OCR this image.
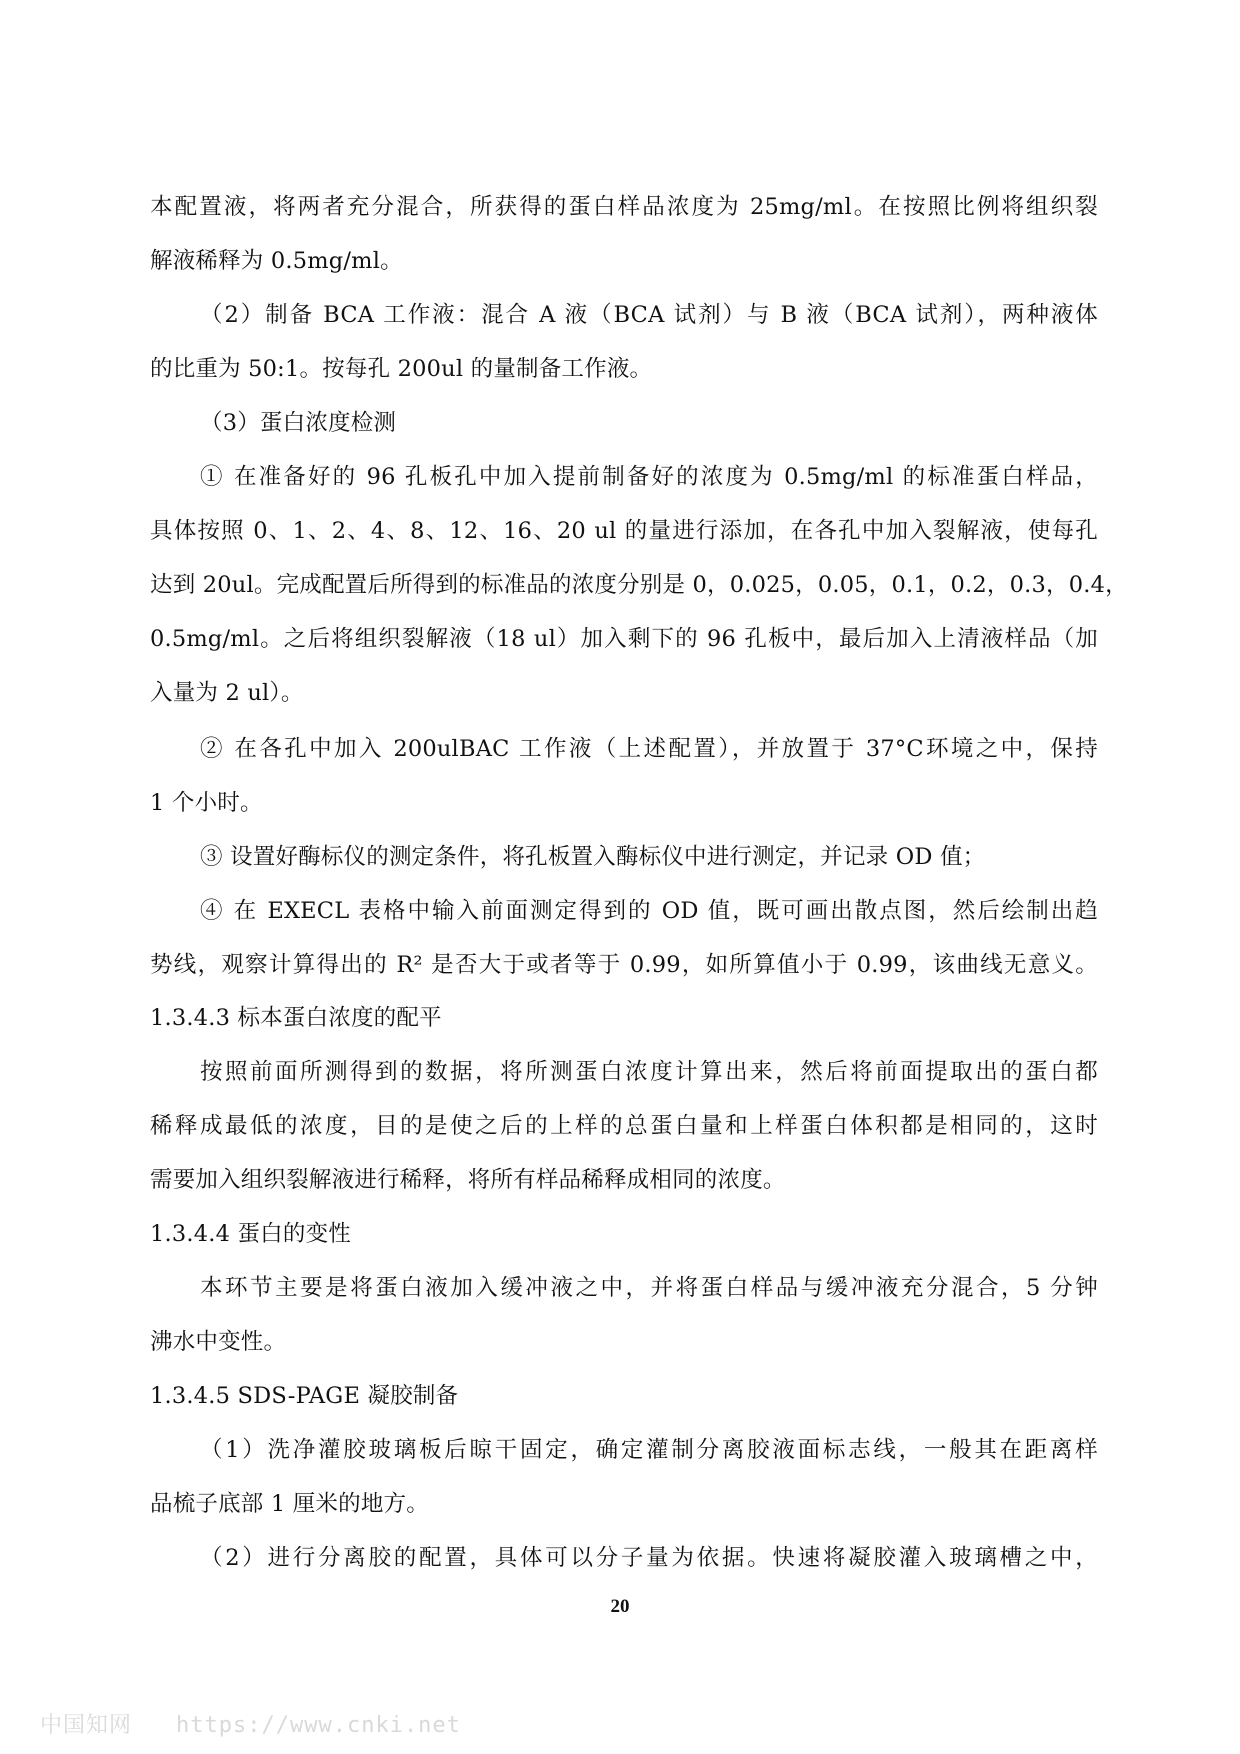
本配置液，将两者充分混合，所获得的蛋白样品浓度为 25mg/ml。在按照比例将组织裂
解液稀释为 0.5mg/ml。
（2）制备 BCA 工作液：混合 A 液（BCA 试剂）与 B 液（BCA 试剂），两种液体
的比重为 50:1。按每孔 200ul 的量制备工作液。
（3）蛋白浓度检测
① 在准备好的 96 孔板孔中加入提前制备好的浓度为 0.5mg/ml 的标准蛋白样品，
具体按照 0、1、2、4、8、12、16、20 ul 的量进行添加，在各孔中加入裂解液，使每孔
达到 20ul。完成配置后所得到的标准品的浓度分别是 0，0.025，0.05，0.1，0.2，0.3，0.4，
0.5mg/ml。之后将组织裂解液（18 ul）加入剩下的 96 孔板中，最后加入上清液样品（加
入量为 2 ul）。
② 在各孔中加入 200ulBAC 工作液（上述配置），并放置于 37°C环境之中，保持
1 个小时。
③ 设置好酶标仪的测定条件，将孔板置入酶标仪中进行测定，并记录 OD 值；
④ 在 EXECL 表格中输入前面测定得到的 OD 值，既可画出散点图，然后绘制出趋
势线，观察计算得出的 R² 是否大于或者等于 0.99，如所算值小于 0.99，该曲线无意义。
1.3.4.3 标本蛋白浓度的配平
按照前面所测得到的数据，将所测蛋白浓度计算出来，然后将前面提取出的蛋白都
稀释成最低的浓度，目的是使之后的上样的总蛋白量和上样蛋白体积都是相同的，这时
需要加入组织裂解液进行稀释，将所有样品稀释成相同的浓度。
1.3.4.4 蛋白的变性
本环节主要是将蛋白液加入缓冲液之中，并将蛋白样品与缓冲液充分混合，5 分钟
沸水中变性。
1.3.4.5 SDS-PAGE 凝胶制备
（1）洗净灌胶玻璃板后晾干固定，确定灌制分离胶液面标志线，一般其在距离样
品梳子底部 1 厘米的地方。
（2）进行分离胶的配置，具体可以分子量为依据。快速将凝胶灌入玻璃槽之中，
20
中国知网 https://www.cnki.net
